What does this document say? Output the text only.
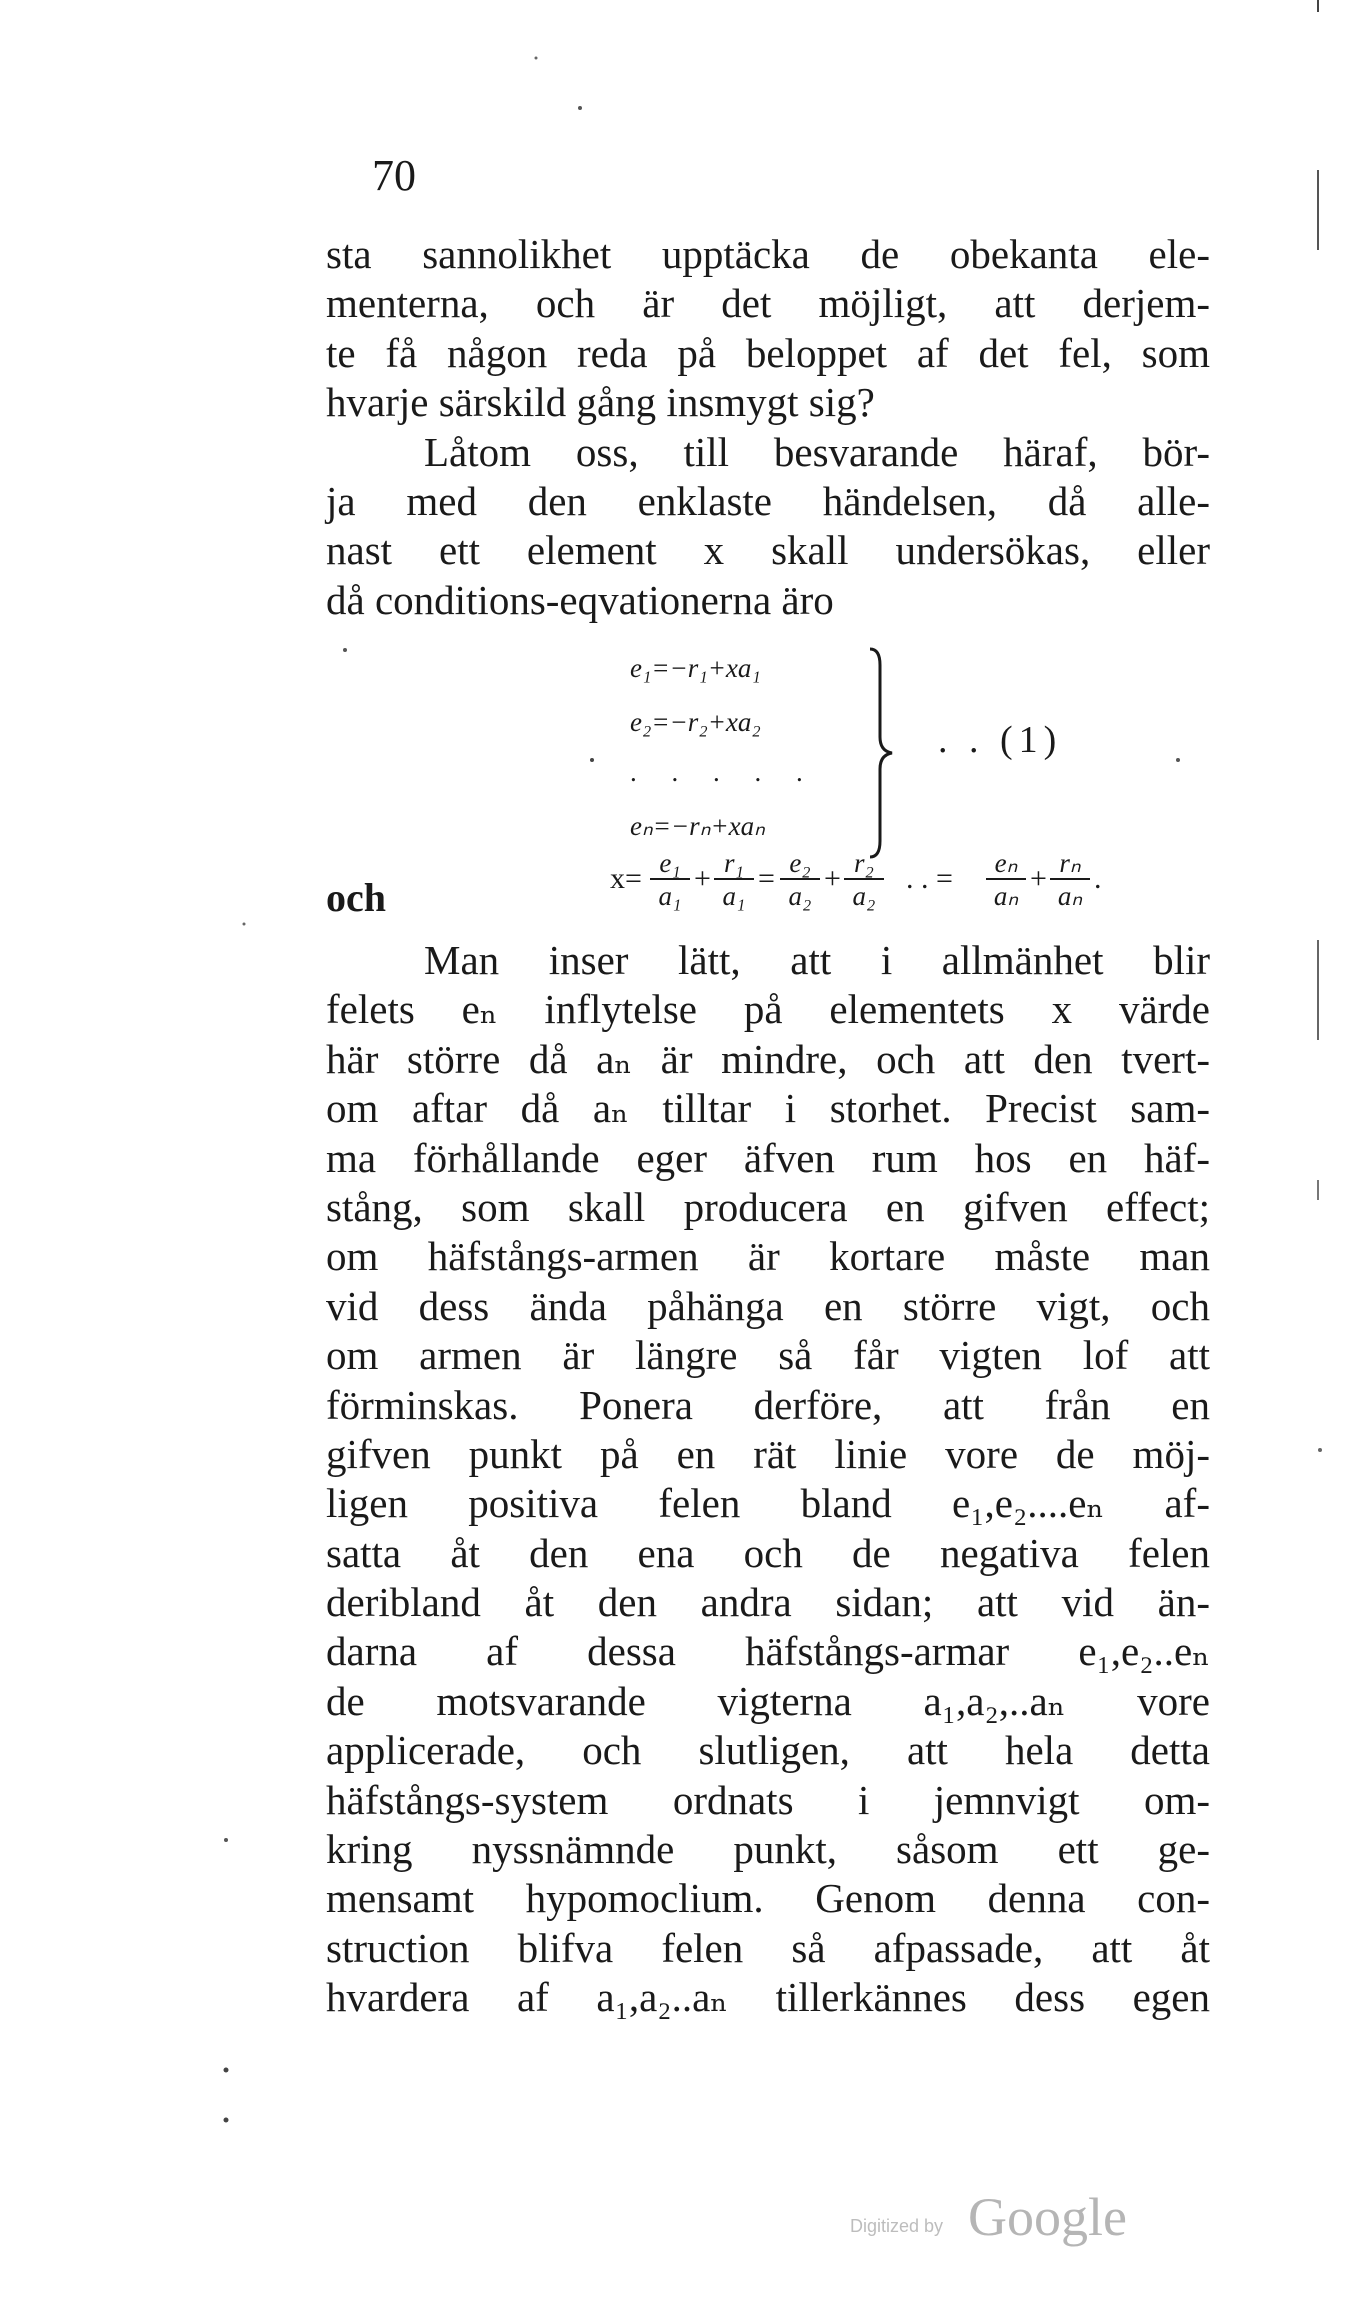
70
sta sannolikhet upptäcka de obekanta ele-
menterna, och är det möjligt, att derjem-
te få någon reda på beloppet af det fel, som
hvarje särskild gång insmygt sig?
Låtom oss, till besvarande häraf, bör-
ja med den enklaste händelsen, då alle-
nast ett element x skall undersökas, eller
då conditions-eqvationerna äro
e₁=−r₁+xa₁
e₂=−r₂+xa₂
. . . . .
eₙ=−rₙ+xaₙ
. . (1)
och	$x= \frac{\text{e₁}}{\text{a₁}} + \frac{\text{r₁}}{\text{a₁}} = \frac{\text{e₂}}{\text{a₂}} + \frac{\text{r₂}}{\text{a₂}}$ . . = $\frac{\text{eₙ}}{\text{aₙ}} + \frac{\text{rₙ}}{\text{aₙ}}$ .
Man inser lätt, att i allmänhet blir
felets eₙ inflytelse på elementets x värde
här större då aₙ är mindre, och att den tvert-
om aftar då aₙ tilltar i storhet. Precist sam-
ma förhållande eger äfven rum hos en häf-
stång, som skall producera en gifven effect;
om häfstångs-armen är kortare måste man
vid dess ända påhänga en större vigt, och
om armen är längre så får vigten lof att
förminskas. Ponera derföre, att från en
gifven punkt på en rät linie vore de möj-
ligen positiva felen bland e₁,e₂....eₙ af-
satta åt den ena och de negativa felen
deribland åt den andra sidan; att vid än-
darna af dessa häfstångs-armar e₁,e₂..eₙ
de motsvarande vigterna a₁,a₂,..aₙ vore
applicerade, och slutligen, att hela detta
häfstångs-system ordnats i jemnvigt om-
kring nyssnämnde punkt, såsom ett ge-
mensamt hypomoclium. Genom denna con-
struction blifva felen så afpassade, att åt
hvardera af a₁,a₂..aₙ tillerkännes dess egen
Digitized by Google
